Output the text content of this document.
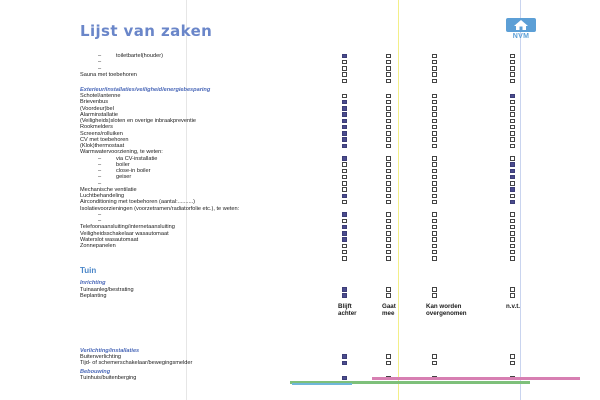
Lijst van zaken	NVM
toiletbartel(houder)
–
–
–
Sauna met toebehoren
Exterieur/installaties/veiligheid/energiebesparing
Schotel/antenne
Brievenbus
(Voordeur)bel
Alarminstallatie
(Veiligheids)sloten en overige inbraakpreventie
Rookmelders
Screens/rolluiken
CV met toebehoren
(Klok)thermostaat
Warmwatervoorziening, te weten:
via CV-installatie
–
boiler
–
close-in boiler
–
geiser
–
–
Mechanische ventilatie
Luchtbehandeling
Airconditioning met toebehoren (aantal:..........)
Isolatievoorzieningen (voorzetramen/radiatorfolie etc.), te weten:
–
–
Telefoonaansluiting/internetaansluiting
Veiligheidsschakelaar wasautomaat
Waterslot wasautomaat
Zonnepanelen
Tuin
Inrichting
Tuinaanleg/bestrating
Beplanting
Verlichting/installaties
Buitenverlichting
Tijd- of schemerschakelaar/bewegingsmelder
Bebouwing
Tuinhuis/buitenberging
Blijft achter
Gaat mee
Kan worden overgenomen
n.v.t.
